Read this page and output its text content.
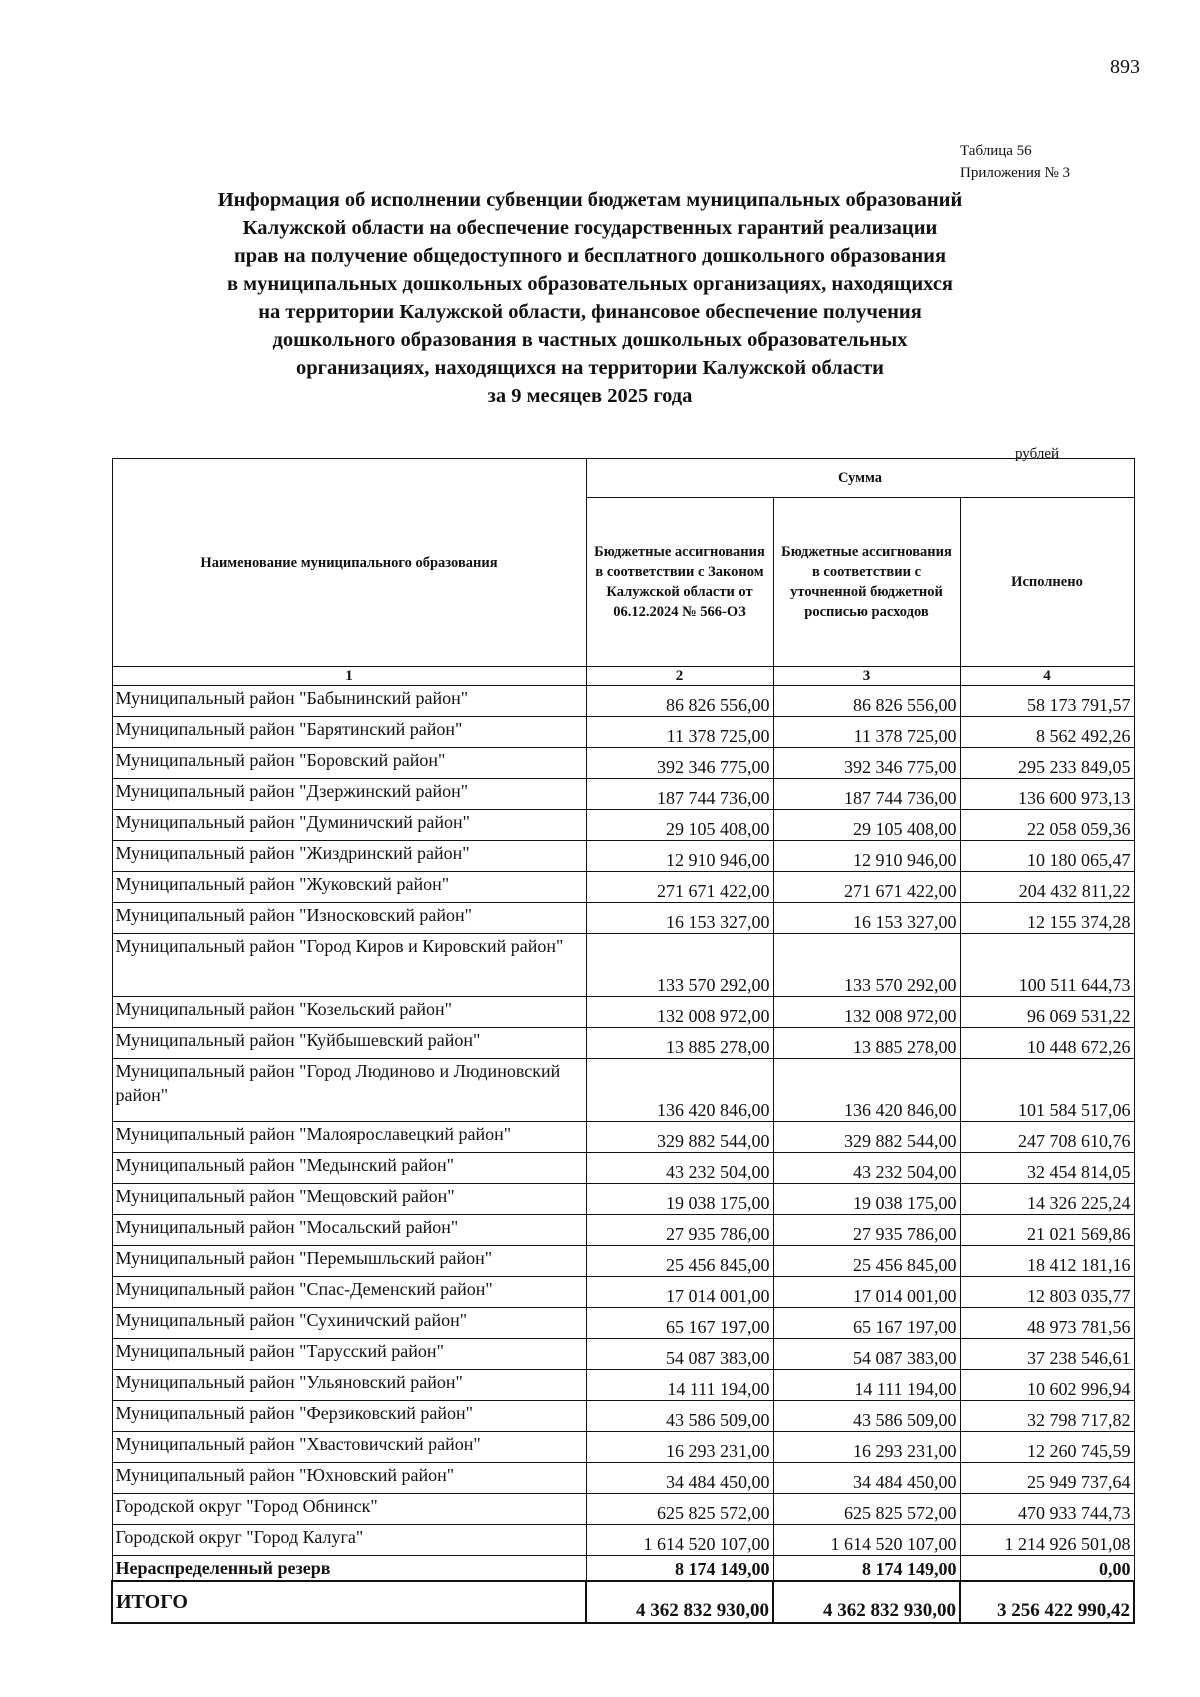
893
Таблица 56
Приложения № 3
Информация об исполнении субвенции бюджетам муниципальных образований
Калужской области на обеспечение государственных гарантий реализации
прав на получение общедоступного и бесплатного дошкольного образования
в муниципальных дошкольных образовательных организациях, находящихся
на территории Калужской области, финансовое обеспечение получения
дошкольного образования в частных дошкольных образовательных
организациях, находящихся на территории Калужской области
за 9 месяцев 2025 года
рублей
Наименование муниципального образования	Сумма		
	Бюджетные ассигнования в соответствии с Законом Калужской области от 06.12.2024 № 566-ОЗ	Бюджетные ассигнования в соответствии с уточненной бюджетной росписью расходов	Исполнено
1	2	3	4
Муниципальный район "Бабынинский район"	86 826 556,00	86 826 556,00	58 173 791,57
Муниципальный район "Барятинский район"	11 378 725,00	11 378 725,00	8 562 492,26
Муниципальный район "Боровский район"	392 346 775,00	392 346 775,00	295 233 849,05
Муниципальный район "Дзержинский район"	187 744 736,00	187 744 736,00	136 600 973,13
Муниципальный район "Думиничский район"	29 105 408,00	29 105 408,00	22 058 059,36
Муниципальный район "Жиздринский район"	12 910 946,00	12 910 946,00	10 180 065,47
Муниципальный район "Жуковский район"	271 671 422,00	271 671 422,00	204 432 811,22
Муниципальный район "Износковский район"	16 153 327,00	16 153 327,00	12 155 374,28
Муниципальный район "Город Киров и Кировский район"	133 570 292,00	133 570 292,00	100 511 644,73
Муниципальный район "Козельский район"	132 008 972,00	132 008 972,00	96 069 531,22
Муниципальный район "Куйбышевский район"	13 885 278,00	13 885 278,00	10 448 672,26
Муниципальный район "Город Людиново и Людиновский район"	136 420 846,00	136 420 846,00	101 584 517,06
Муниципальный район "Малоярославецкий район"	329 882 544,00	329 882 544,00	247 708 610,76
Муниципальный район "Медынский район"	43 232 504,00	43 232 504,00	32 454 814,05
Муниципальный район "Мещовский район"	19 038 175,00	19 038 175,00	14 326 225,24
Муниципальный район "Мосальский район"	27 935 786,00	27 935 786,00	21 021 569,86
Муниципальный район "Перемышльский район"	25 456 845,00	25 456 845,00	18 412 181,16
Муниципальный район "Спас-Деменский район"	17 014 001,00	17 014 001,00	12 803 035,77
Муниципальный район "Сухиничский район"	65 167 197,00	65 167 197,00	48 973 781,56
Муниципальный район "Тарусский район"	54 087 383,00	54 087 383,00	37 238 546,61
Муниципальный район "Ульяновский район"	14 111 194,00	14 111 194,00	10 602 996,94
Муниципальный район "Ферзиковский район"	43 586 509,00	43 586 509,00	32 798 717,82
Муниципальный район "Хвастовичский район"	16 293 231,00	16 293 231,00	12 260 745,59
Муниципальный район "Юхновский район"	34 484 450,00	34 484 450,00	25 949 737,64
Городской округ "Город Обнинск"	625 825 572,00	625 825 572,00	470 933 744,73
Городской округ "Город Калуга"	1 614 520 107,00	1 614 520 107,00	1 214 926 501,08
Нераспределенный резерв	8 174 149,00	8 174 149,00	0,00
ИТОГО	4 362 832 930,00	4 362 832 930,00	3 256 422 990,42
